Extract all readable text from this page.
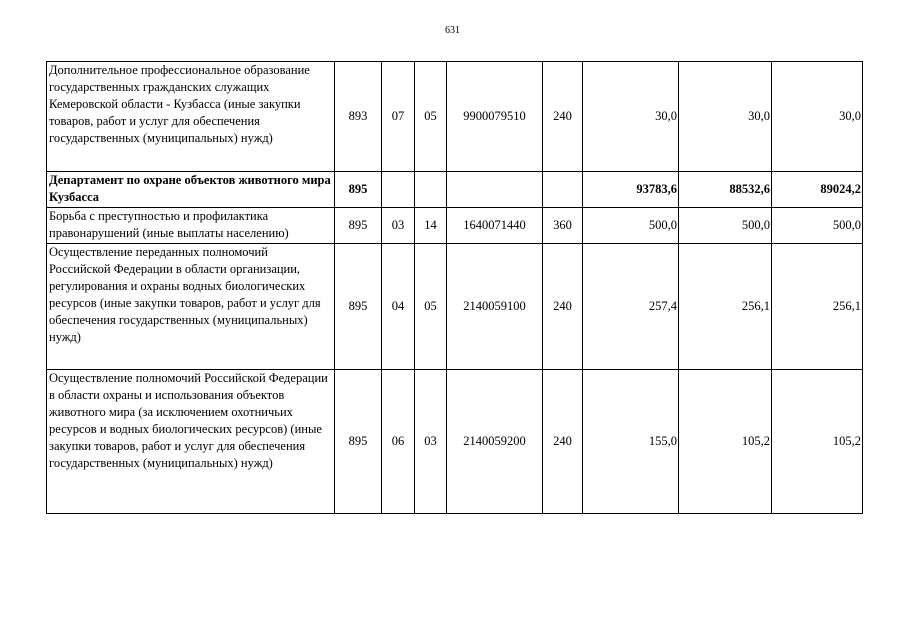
631
Дополнительное профессиональное образование государственных гражданских служащих Кемеровской области - Кузбасса (иные закупки товаров, работ и услуг для обеспечения государственных (муниципальных) нужд)	893	07	05	9900079510	240	30,0	30,0	30,0
Департамент по охране объектов животного мира Кузбасса	895					93783,6	88532,6	89024,2
Борьба с преступностью и профилактика правонарушений (иные выплаты населению)	895	03	14	1640071440	360	500,0	500,0	500,0
Осуществление переданных полномочий Российской Федерации в области организации, регулирования и охраны водных биологических ресурсов (иные закупки товаров, работ и услуг для обеспечения государственных (муниципальных) нужд)	895	04	05	2140059100	240	257,4	256,1	256,1
Осуществление полномочий Российской Федерации в области охраны и использования объектов животного мира (за исключением охотничьих ресурсов и водных биологических ресурсов) (иные закупки товаров, работ и услуг для обеспечения государственных (муниципальных) нужд)	895	06	03	2140059200	240	155,0	105,2	105,2
